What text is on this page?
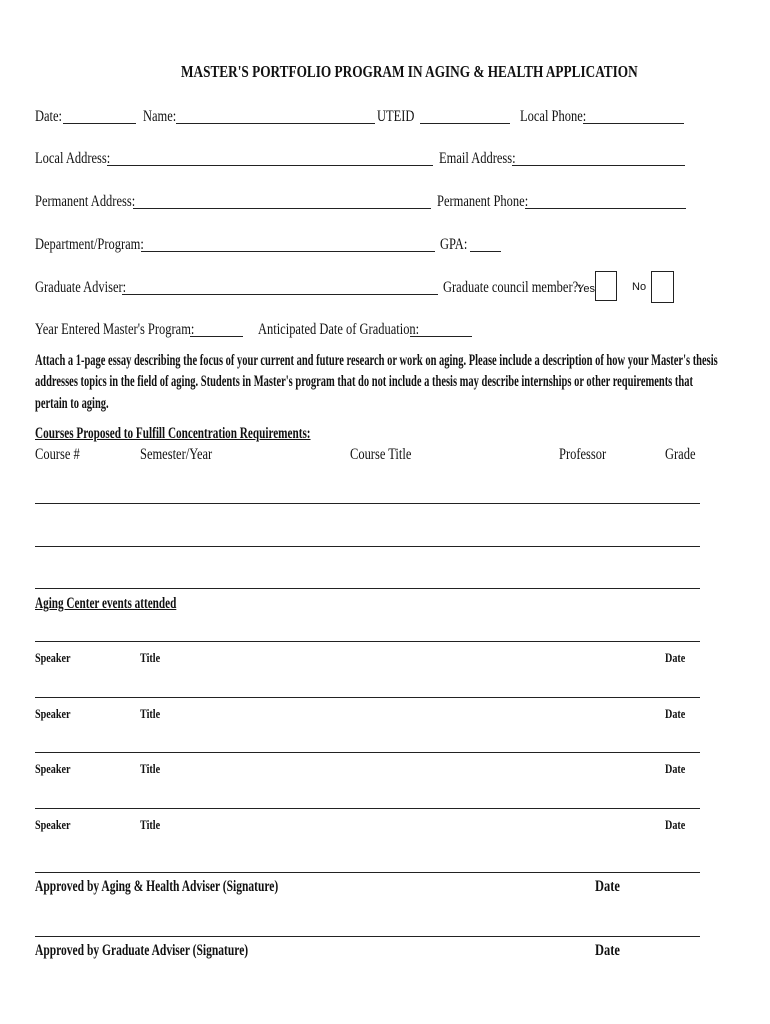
MASTER'S PORTFOLIO PROGRAM IN AGING & HEALTH APPLICATION
Date:	Name:	UTEID	Local Phone:
Local Address:	Email Address:
Permanent Address:	Permanent Phone:
Department/Program:	GPA:
Graduate Adviser:	Graduate council member?:
Yes	No
Year Entered Master's Program:	Anticipated Date of Graduation:
Attach a 1-page essay describing the focus of your current and future research or work on aging. Please include a description of how your Master's thesis
addresses topics in the field of aging. Students in Master's program that do not include a thesis may describe internships or other requirements that
pertain to aging.
Courses Proposed to Fulfill Concentration Requirements:
Course #	Semester/Year	Course Title	Professor	Grade
Aging Center events attended
Speaker	Title	Date
Speaker	Title	Date
Speaker	Title	Date
Speaker	Title	Date
Approved by Aging & Health Adviser (Signature)	Date
Approved by Graduate Adviser (Signature)	Date
